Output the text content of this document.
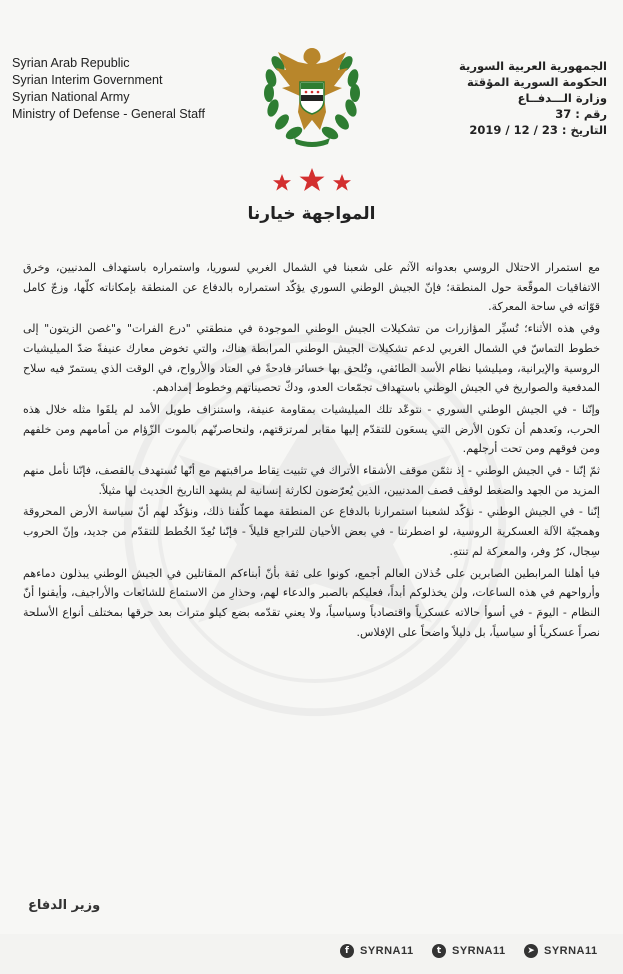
Syrian Arab Republic
Syrian Interim Government
Syrian National Army
Ministry of Defense - General Staff
الجمهورية العربية السورية
الحكومة السورية المؤقتة
وزارة الـــدفــاع
رقم : 37
التاريخ : 23 / 12 / 2019
المواجهة خيارنا

مع استمرار الاحتلال الروسي بعدوانه الآثم على شعبنا في الشمال الغربي لسوريا، واستمراره باستهداف المدنيين، وخرق الاتفاقيات الموقّعة حول المنطقة؛ فإنّ الجيش الوطني السوري يؤكّد استمراره بالدفاع عن المنطقة بإمكاناته كلّها، وزجّ كامل قوّاته في ساحة المعركة.

وفي هذه الأثناء؛ تُسيِّر المؤازرات من تشكيلات الجيش الوطني الموجودة في منطقتي "درع الفرات" و"غصن الزيتون" إلى خطوط التماسّ في الشمال الغربي لدعم تشكيلات الجيش الوطني المرابطة هناك، والتي تخوض معارك عنيفةً ضدّ الميليشيات الروسية والإيرانية، وميليشيا نظام الأسد الطائفي، وتُلحق بها خسائر فادحةً في العتاد والأرواح، في الوقت الذي يستمرّ فيه سلاح المدفعية والصواريخ في الجيش الوطني باستهداف تجمّعات العدو، ودكّ تحصيناتهم وخطوط إمدادهم.

وإنّنا - في الجيش الوطني السوري - نتوعّد تلك الميليشيات بمقاومة عنيفة، واستنزاف طويل الأمد لم يلقَوا مثله خلال هذه الحرب، ونَعدهم أن تكون الأرض التي يسعَون للتقدّم إليها مقابر لمرتزقتهم، ولنحاصرنّهم بالموت الزّؤام من أمامهم ومن خلفهم ومن فوقهم ومن تحت أرجلهم.

ثمّ إنّنا - في الجيش الوطني - إذ نثمّن موقف الأشقاء الأتراك في تثبيت نِقاط مراقبتهم مع أنّها تُستهدف بالقصف، فإنّنا نأمل منهم المزيد من الجهد والضغط لوقف قصف المدنيين، الذين يُعرّضون لكارثة إنسانية لم يشهد التاريخ الحديث لها مثيلاً.

إنّنا - في الجيش الوطني - نؤكّد لشعبنا استمرارنا بالدفاع عن المنطقة مهما كلّفنا ذلك، ونؤكّد لهم أنّ سياسة الأرض المحروقة وهمجيّة الآلة العسكرية الروسية، لو اضطرتنا - في بعض الأحيان للتراجع قليلاً - فإنّنا نُعِدّ الخُطط للتقدّم من جديد، وإنّ الحروب سِجال، كرٌ وفر، والمعركة لم تنتهِ.

فيا أهلنا المرابطين الصابرين على خُذلان العالم أجمع، كونوا على ثقة بأنّ أبناءكم المقاتلين في الجيش الوطني يبذلون دماءهم وأرواحهم في هذه الساعات، ولن يخذلوكم أبداً، فعليكم بالصبر والدعاء لهم، وحذارِ من الاستماع للشائعات والأراجيف، وأيقنوا أنّ النظام - اليومَ - في أسوأ حالاته عسكرياً واقتصادياً وسياسياً، ولا يعني تقدّمه بضع كيلو مترات بعد حرقها بمختلف أنواع الأسلحة نصراً عسكرياً أو سياسياً، بل دليلاً واضحاً على الإفلاس.

وزير الدفاع
f	SYRNA11	t SYRNA11	➤ SYRNA11
